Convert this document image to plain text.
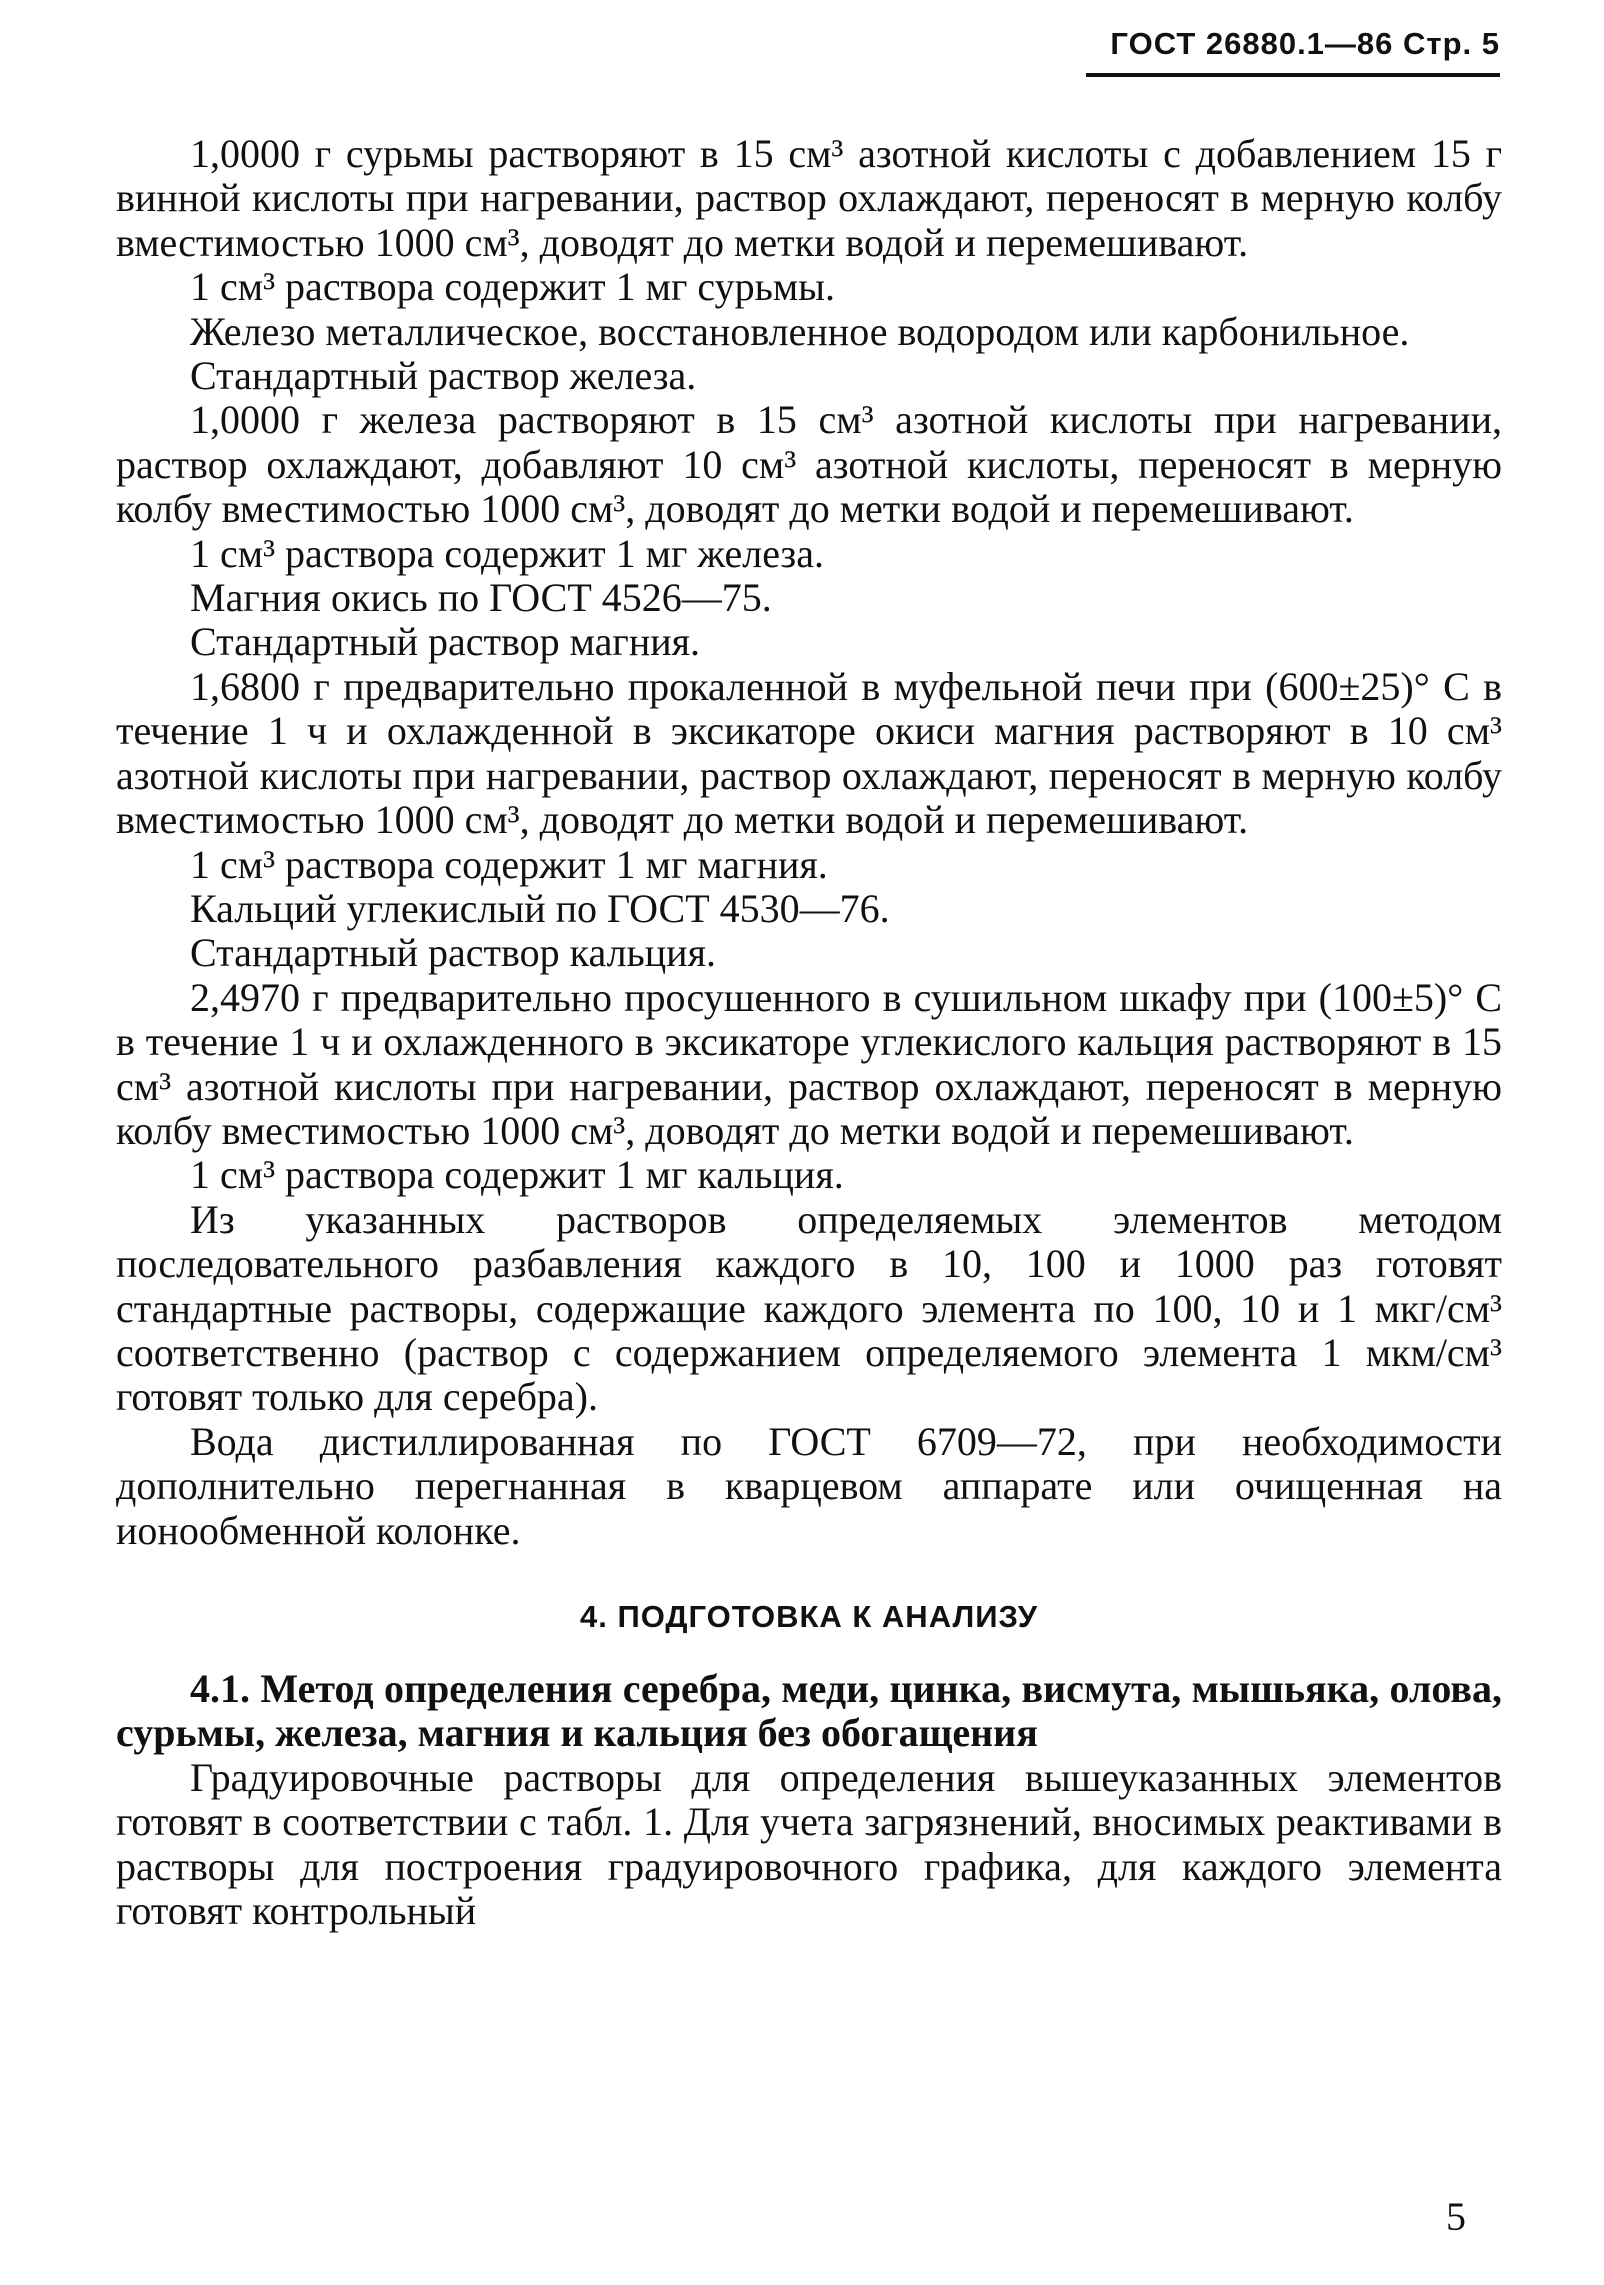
ГОСТ 26880.1—86 Стр. 5

1,0000 г сурьмы растворяют в 15 см³ азотной кислоты с добавлением 15 г винной кислоты при нагревании, раствор охлаждают, переносят в мерную колбу вместимостью 1000 см³, доводят до метки водой и перемешивают.

1 см³ раствора содержит 1 мг сурьмы.

Железо металлическое, восстановленное водородом или карбонильное.

Стандартный раствор железа.

1,0000 г железа растворяют в 15 см³ азотной кислоты при нагревании, раствор охлаждают, добавляют 10 см³ азотной кислоты, переносят в мерную колбу вместимостью 1000 см³, доводят до метки водой и перемешивают.

1 см³ раствора содержит 1 мг железа.

Магния окись по ГОСТ 4526—75.

Стандартный раствор магния.

1,6800 г предварительно прокаленной в муфельной печи при (600±25)° С в течение 1 ч и охлажденной в эксикаторе окиси магния растворяют в 10 см³ азотной кислоты при нагревании, раствор охлаждают, переносят в мерную колбу вместимостью 1000 см³, доводят до метки водой и перемешивают.

1 см³ раствора содержит 1 мг магния.

Кальций углекислый по ГОСТ 4530—76.

Стандартный раствор кальция.

2,4970 г предварительно просушенного в сушильном шкафу при (100±5)° С в течение 1 ч и охлажденного в эксикаторе углекислого кальция растворяют в 15 см³ азотной кислоты при нагревании, раствор охлаждают, переносят в мерную колбу вместимостью 1000 см³, доводят до метки водой и перемешивают.

1 см³ раствора содержит 1 мг кальция.

Из указанных растворов определяемых элементов методом последовательного разбавления каждого в 10, 100 и 1000 раз готовят стандартные растворы, содержащие каждого элемента по 100, 10 и 1 мкг/см³ соответственно (раствор с содержанием определяемого элемента 1 мкм/см³ готовят только для серебра).

Вода дистиллированная по ГОСТ 6709—72, при необходимости дополнительно перегнанная в кварцевом аппарате или очищенная на ионообменной колонке.

4. ПОДГОТОВКА К АНАЛИЗУ

4.1. Метод определения серебра, меди, цинка, висмута, мышьяка, олова, сурьмы, железа, магния и кальция без обогащения

Градуировочные растворы для определения вышеуказанных элементов готовят в соответствии с табл. 1. Для учета загрязнений, вносимых реактивами в растворы для построения градуировочного графика, для каждого элемента готовят контрольный

5
